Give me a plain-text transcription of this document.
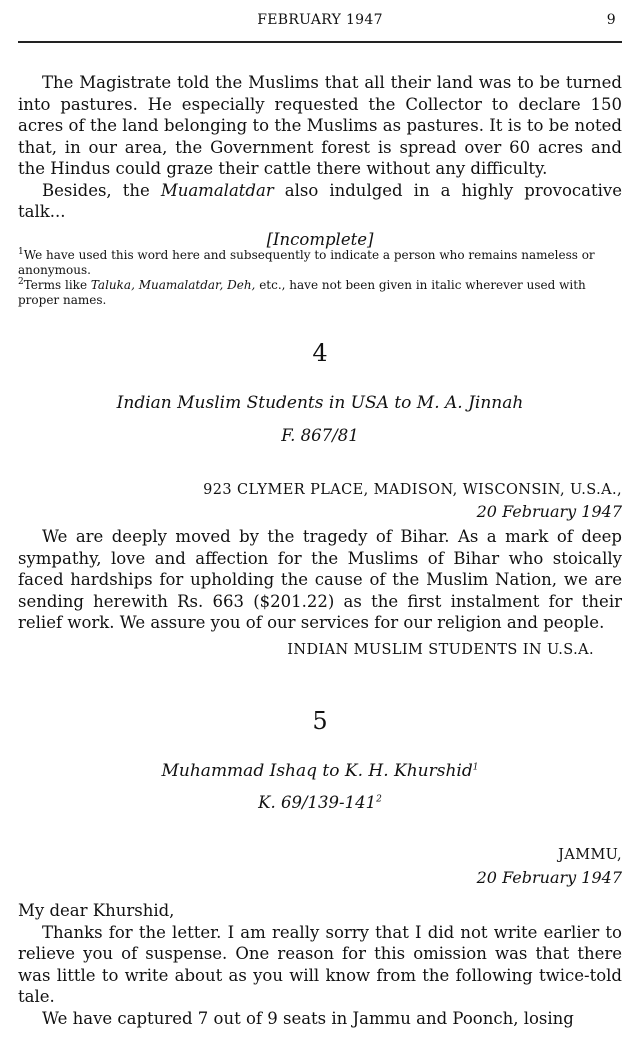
FEBRUARY 1947	9

The Magistrate told the Muslims that all their land was to be turned into pastures. He especially requested the Collector to declare 150 acres of the land belonging to the Muslims as pastures. It is to be noted that, in our area, the Government forest is spread over 60 acres and the Hindus could graze their cattle there without any difficulty.

Besides, the Muamalatdar also indulged in a highly provocative talk...

[Incomplete]

$^1$We have used this word here and subsequently to indicate a person who remains nameless or anonymous.

$^2$Terms like Taluka, Muamalatdar, Deh, etc., have not been given in italic wherever used with proper names.

4
Indian Muslim Students in USA to M. A. Jinnah
F. 867/81
923 CLYMER PLACE, MADISON, WISCONSIN, U.S.A.,
20 February 1947

We are deeply moved by the tragedy of Bihar. As a mark of deep sympathy, love and affection for the Muslims of Bihar who stoically faced hardships for upholding the cause of the Muslim Nation, we are sending herewith Rs. 663 ($201.22) as the first instalment for their relief work. We assure you of our services for our religion and people.

INDIAN MUSLIM STUDENTS IN U.S.A.
5
Muhammad Ishaq to K. H. Khurshid$^1$
K. $69/139-141^2$
JAMMU,
20 February 1947

My dear Khurshid,

Thanks for the letter. I am really sorry that I did not write earlier to relieve you of suspense. One reason for this omission was that there was little to write about as you will know from the following twice-told tale.

We have captured 7 out of 9 seats in Jammu and Poonch, losing
